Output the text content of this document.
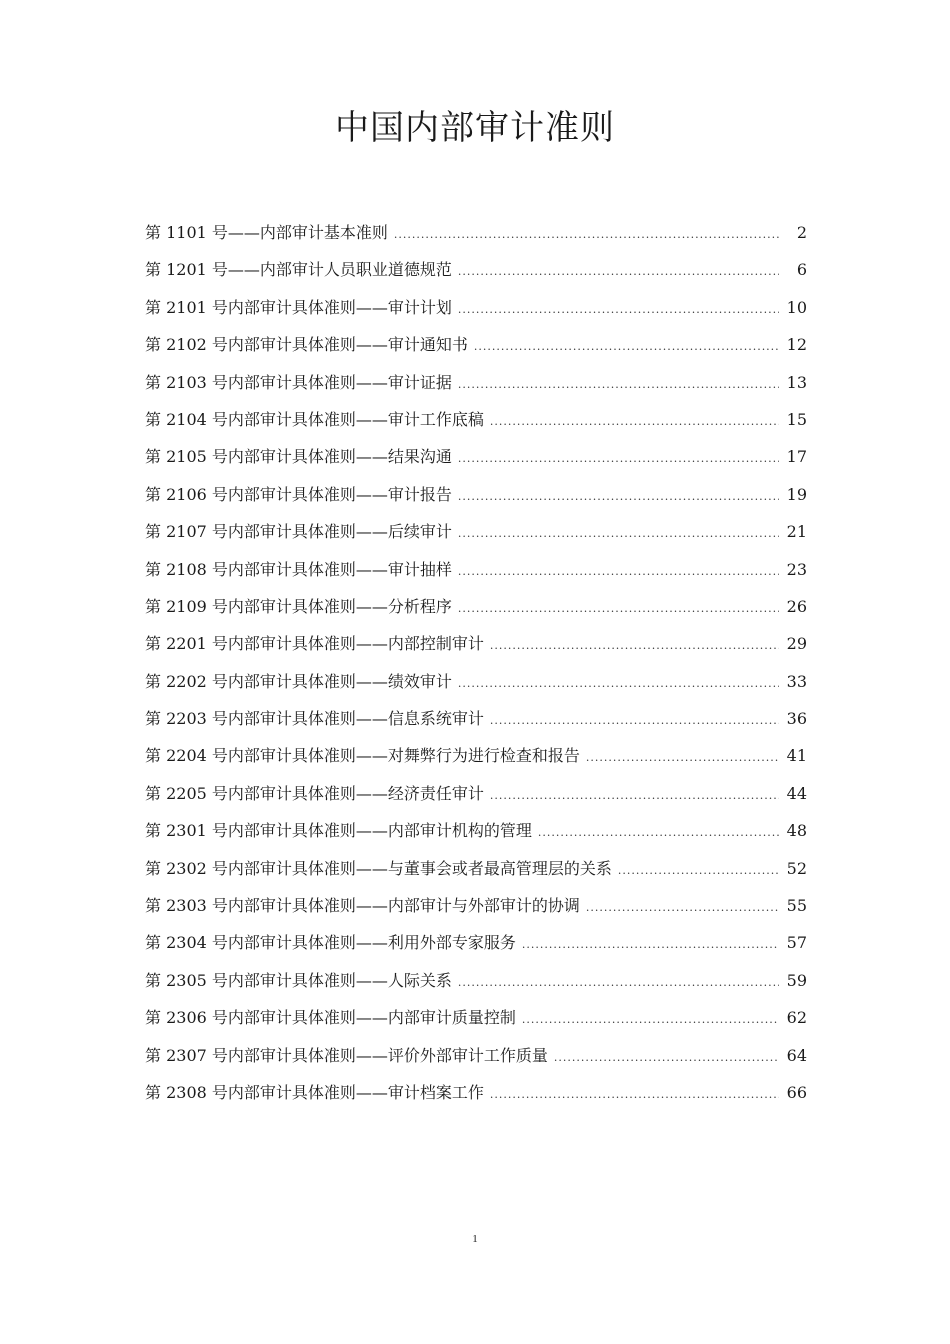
中国内部审计准则
第 1101 号——内部审计基本准则 .....	2
第 1201 号——内部审计人员职业道德规范 .....	6
第 2101 号内部审计具体准则——审计计划 .....	10
第 2102 号内部审计具体准则——审计通知书 .....	12
第 2103 号内部审计具体准则——审计证据 .....	13
第 2104 号内部审计具体准则——审计工作底稿 .....	15
第 2105 号内部审计具体准则——结果沟通 .....	17
第 2106 号内部审计具体准则——审计报告 .....	19
第 2107 号内部审计具体准则——后续审计 .....	21
第 2108 号内部审计具体准则——审计抽样 .....	23
第 2109 号内部审计具体准则——分析程序 .....	26
第 2201 号内部审计具体准则——内部控制审计 .....	29
第 2202 号内部审计具体准则——绩效审计 .....	33
第 2203 号内部审计具体准则——信息系统审计 .....	36
第 2204 号内部审计具体准则——对舞弊行为进行检查和报告 .....	41
第 2205 号内部审计具体准则——经济责任审计 .....	44
第 2301 号内部审计具体准则——内部审计机构的管理 .....	48
第 2302 号内部审计具体准则——与董事会或者最高管理层的关系 .....	52
第 2303 号内部审计具体准则——内部审计与外部审计的协调 .....	55
第 2304 号内部审计具体准则——利用外部专家服务 .....	57
第 2305 号内部审计具体准则——人际关系 .....	59
第 2306 号内部审计具体准则——内部审计质量控制 .....	62
第 2307 号内部审计具体准则——评价外部审计工作质量 .....	64
第 2308 号内部审计具体准则——审计档案工作 .....	66
1
